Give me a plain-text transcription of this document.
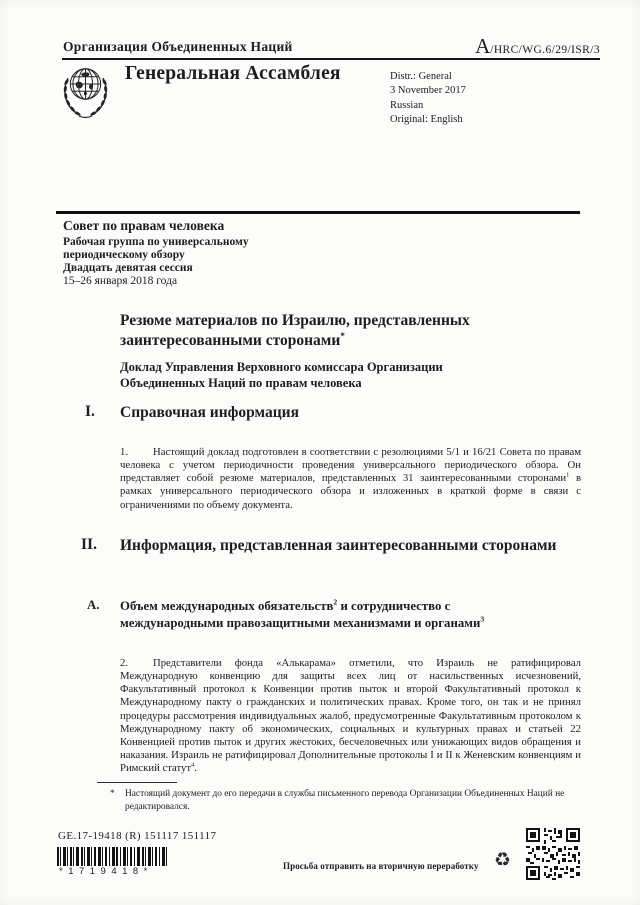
Организация Объединенных Наций	A/HRC/WG.6/29/ISR/3
Генеральная Ассамблея	Distr.: General
3 November 2017
Russian
Original: English
Совет по правам человека
Рабочая группа по универсальному
периодическому обзору
Двадцать девятая сессия
15–26 января 2018 года
Резюме материалов по Израилю, представленных заинтересованными сторонами*
Доклад Управления Верховного комиссара Организации Объединенных Наций по правам человека
I. Справочная информация

1. Настоящий доклад подготовлен в соответствии с резолюциями 5/1 и 16/21 Совета по правам человека с учетом периодичности проведения универсального периодического обзора. Он представляет собой резюме материалов, представленных 31 заинтересованными сторонами$^1$ в рамках универсального периодического обзора и изложенных в краткой форме в связи с ограничениями по объему документа.

II. Информация, представленная заинтересованными сторонами
A. Объем международных обязательств$^2$ и сотрудничество с международными правозащитными механизмами и органами$^3$

2. Представители фонда «Алькарама» отметили, что Израиль не ратифицировал Международную конвенцию для защиты всех лиц от насильственных исчезновений, Факультативный протокол к Конвенции против пыток и второй Факультативный протокол к Международному пакту о гражданских и политических правах. Кроме того, он так и не принял процедуры рассмотрения индивидуальных жалоб, предусмотренные Факультативным протоколом к Международному пакту об экономических, социальных и культурных правах и статьей 22 Конвенцией против пыток и других жестоких, бесчеловечных или унижающих видов обращения и наказания. Израиль не ратифицировал Дополнительные протоколы I и II к Женевским конвенциям и Римский статут$^4$.

* Настоящий документ до его передачи в службы письменного перевода Организации Объединенных Наций не редактировался.
GE.17-19418 (R) 151117 151117
*1719418*	Просьба отправить на вторичную переработку ♻
